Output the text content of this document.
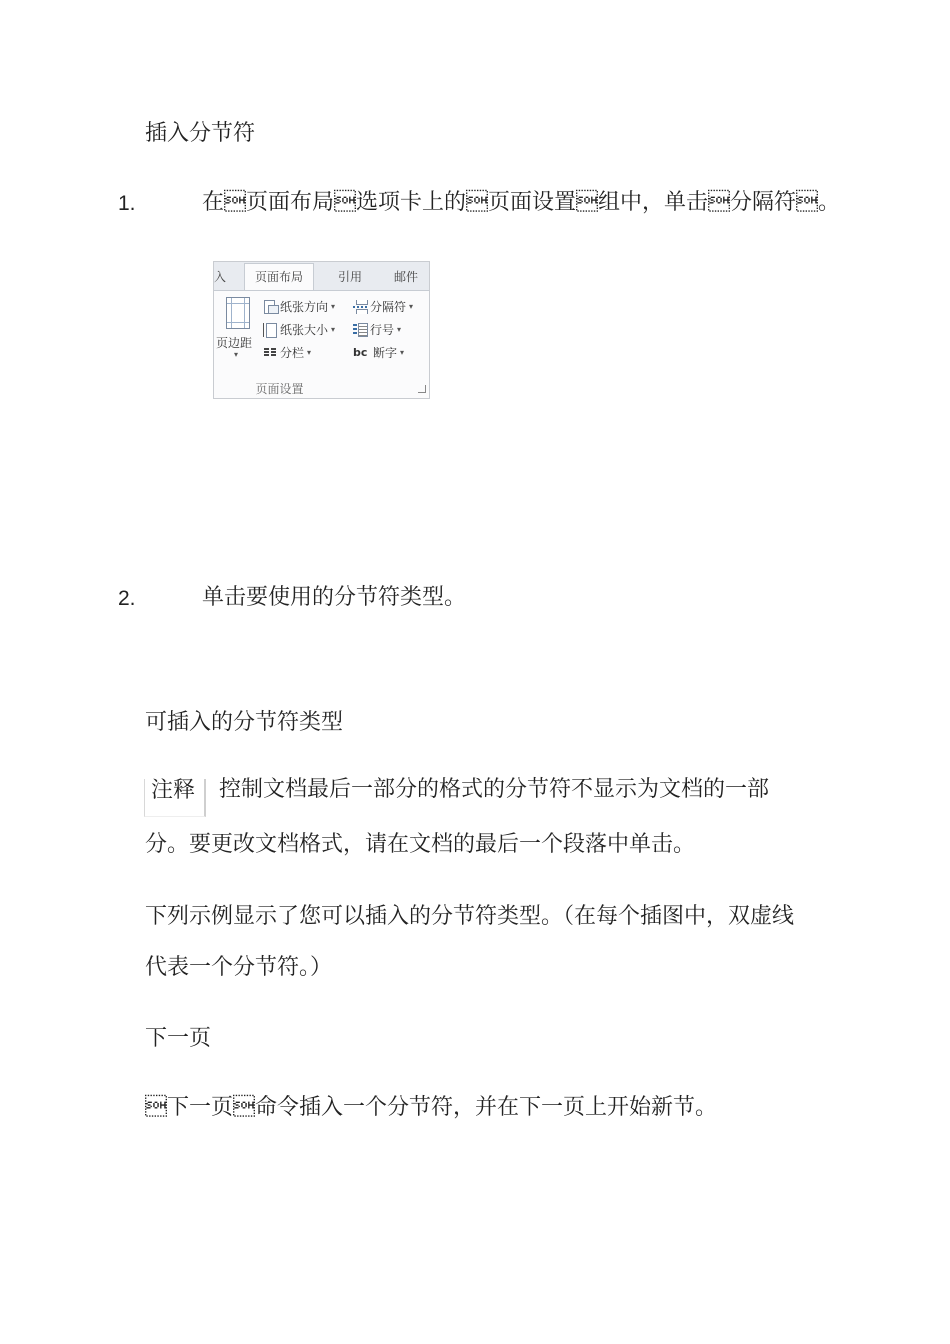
插入分节符
1.	在页面布局选项卡上的页面设置组中，单击分隔符。
入	页面布局	引用	邮件
页边距
▾
纸张方向 ▾
纸张大小 ▾
分栏 ▾
分隔符 ▾
行号 ▾
bc 断字 ▾
页面设置
2.	单击要使用的分节符类型。
可插入的分节符类型
注释	控制文档最后一部分的格式的分节符不显示为文档的一部
分。要更改文档格式，请在文档的最后一个段落中单击。
下列示例显示了您可以插入的分节符类型。（在每个插图中，双虚线
代表一个分节符。）
下一页
下一页命令插入一个分节符，并在下一页上开始新节。
